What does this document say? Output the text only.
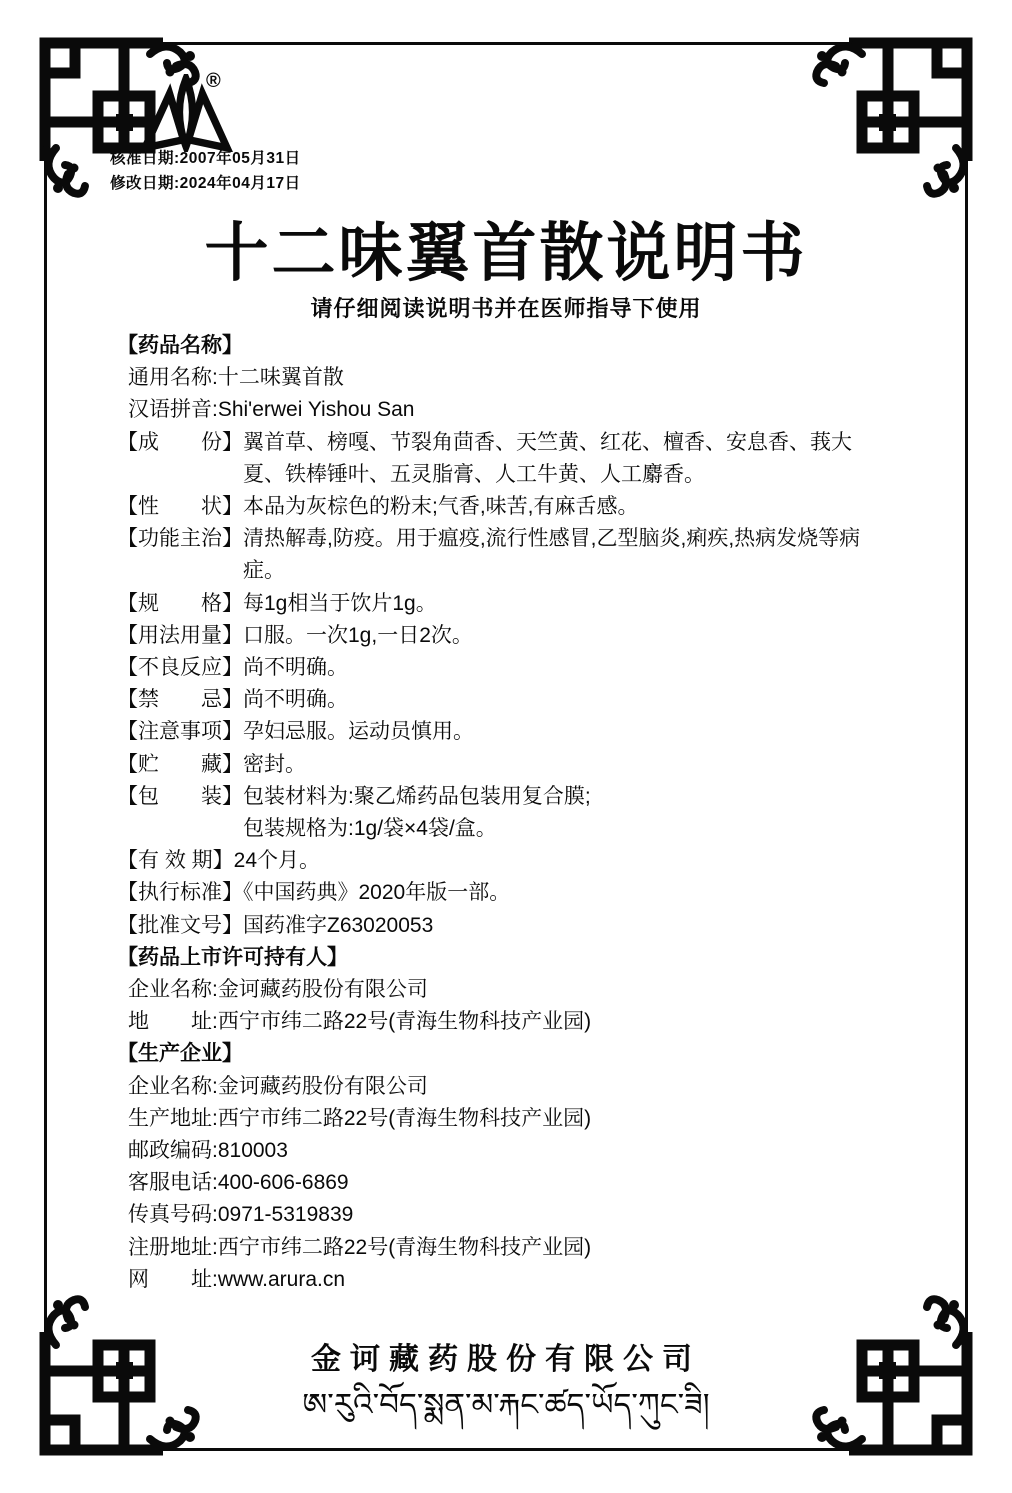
®
核准日期:2007年05月31日
修改日期:2024年04月17日
十二味翼首散说明书
请仔细阅读说明书并在医师指导下使用
【药品名称】
通用名称:十二味翼首散
汉语拼音:Shi'erwei Yishou San
【成　　份】翼首草、榜嘎、节裂角茴香、天竺黄、红花、檀香、安息香、莪大夏、铁棒锤叶、五灵脂膏、人工牛黄、人工麝香。
【性　　状】本品为灰棕色的粉末;气香,味苦,有麻舌感。
【功能主治】清热解毒,防疫。用于瘟疫,流行性感冒,乙型脑炎,痢疾,热病发烧等病症。
【规　　格】每1g相当于饮片1g。
【用法用量】口服。一次1g,一日2次。
【不良反应】尚不明确。
【禁　　忌】尚不明确。
【注意事项】孕妇忌服。运动员慎用。
【贮　　藏】密封。
【包　　装】包装材料为:聚乙烯药品包装用复合膜;
包装规格为:1g/袋×4袋/盒。
【有 效 期】24个月。
【执行标准】《中国药典》2020年版一部。
【批准文号】国药准字Z63020053
【药品上市许可持有人】
企业名称:金诃藏药股份有限公司
地　　址:西宁市纬二路22号(青海生物科技产业园)
【生产企业】
企业名称:金诃藏药股份有限公司
生产地址:西宁市纬二路22号(青海生物科技产业园)
邮政编码:810003
客服电话:400-606-6869
传真号码:0971-5319839
注册地址:西宁市纬二路22号(青海生物科技产业园)
网　　址:www.arura.cn
金诃藏药股份有限公司
ཨ་རུའི་བོད་སྨན་མ་རྐང་ཚད་ཡོད་ཀུང་ཟི།
